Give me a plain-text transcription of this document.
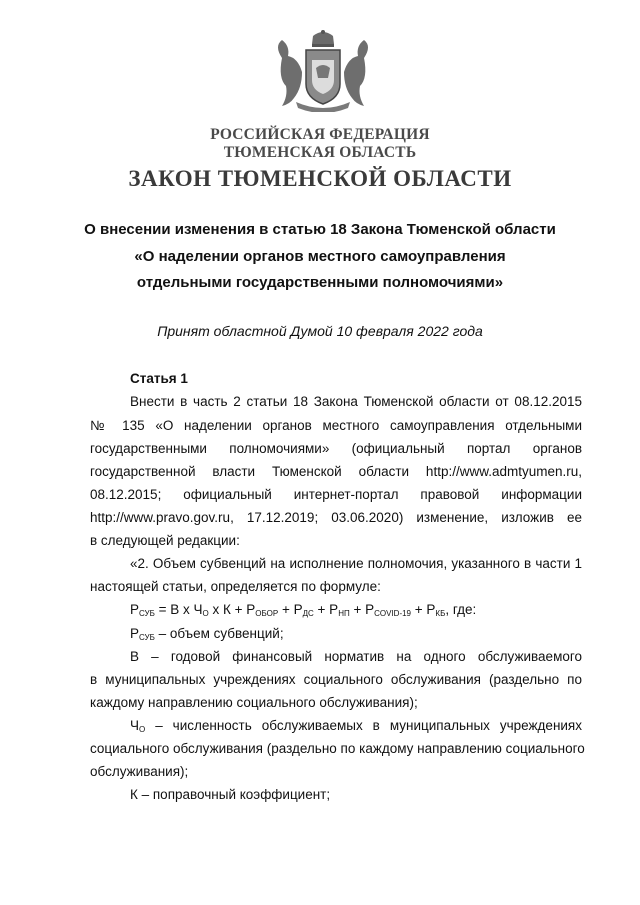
РОССИЙСКАЯ ФЕДЕРАЦИЯ
ТЮМЕНСКАЯ ОБЛАСТЬ
ЗАКОН ТЮМЕНСКОЙ ОБЛАСТИ
О внесении изменения в статью 18 Закона Тюменской области
«О наделении органов местного самоуправления
отдельными государственными полномочиями»
Принят областной Думой 10 февраля 2022 года
Статья 1
Внести в часть 2 статьи 18 Закона Тюменской области от 08.12.2015
№ 135 «О наделении органов местного самоуправления отдельными
государственными полномочиями» (официальный портал органов
государственной власти Тюменской области http://www.admtyumen.ru,
08.12.2015; официальный интернет-портал правовой информации
http://www.pravo.gov.ru, 17.12.2019; 03.06.2020) изменение, изложив ее
в следующей редакции:
«2. Объем субвенций на исполнение полномочия, указанного в части 1
настоящей статьи, определяется по формуле:
$Р_{СУБ} = В$ х $Ч_О$ х $К + Р_{ОБОР} + Р_{ДС} + Р_{НП} + Р_{COVID-19} + Р_{КБ}$, где:
$Р_{СУБ}$ – объем субвенций;
В – годовой финансовый норматив на одного обслуживаемого
в муниципальных учреждениях социального обслуживания (раздельно по
каждому направлению социального обслуживания);
$Ч_О$ – численность обслуживаемых в муниципальных учреждениях
социального обслуживания (раздельно по каждому направлению социального
обслуживания);
К – поправочный коэффициент;
